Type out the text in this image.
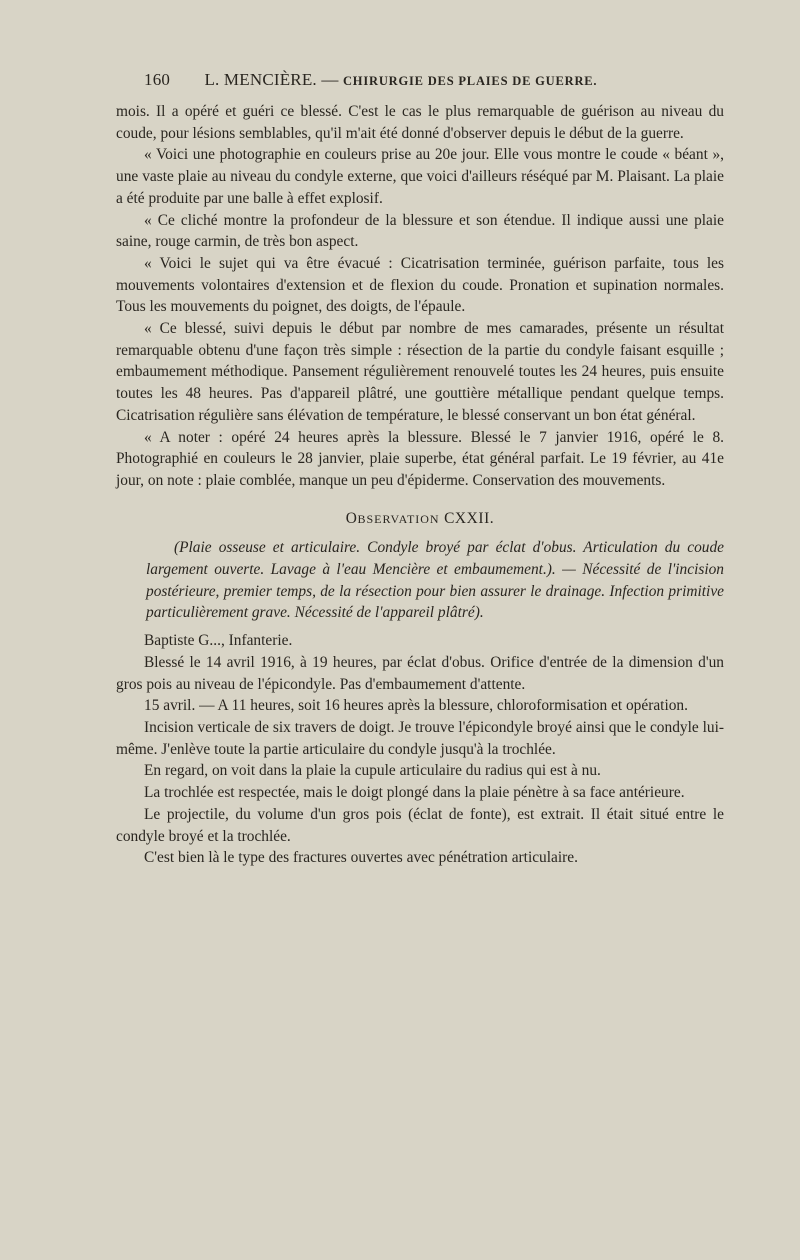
160 L. MENCIÈRE. — CHIRURGIE DES PLAIES DE GUERRE.

mois. Il a opéré et guéri ce blessé. C'est le cas le plus remarquable de guérison au niveau du coude, pour lésions semblables, qu'il m'ait été donné d'observer depuis le début de la guerre.

« Voici une photographie en couleurs prise au 20e jour. Elle vous montre le coude « béant », une vaste plaie au niveau du condyle externe, que voici d'ailleurs réséqué par M. Plaisant. La plaie a été produite par une balle à effet explosif.

« Ce cliché montre la profondeur de la blessure et son étendue. Il indique aussi une plaie saine, rouge carmin, de très bon aspect.

« Voici le sujet qui va être évacué : Cicatrisation terminée, guérison parfaite, tous les mouvements volontaires d'extension et de flexion du coude. Pronation et supination normales. Tous les mouvements du poignet, des doigts, de l'épaule.

« Ce blessé, suivi depuis le début par nombre de mes camarades, présente un résultat remarquable obtenu d'une façon très simple : résection de la partie du condyle faisant esquille ; embaumement méthodique. Pansement régulièrement renouvelé toutes les 24 heures, puis ensuite toutes les 48 heures. Pas d'appareil plâtré, une gouttière métallique pendant quelque temps. Cicatrisation régulière sans élévation de température, le blessé conservant un bon état général.

« A noter : opéré 24 heures après la blessure. Blessé le 7 janvier 1916, opéré le 8. Photographié en couleurs le 28 janvier, plaie superbe, état général parfait. Le 19 février, au 41e jour, on note : plaie comblée, manque un peu d'épiderme. Conservation des mouvements.

OBSERVATION CXXII.

(Plaie osseuse et articulaire. Condyle broyé par éclat d'obus. Articulation du coude largement ouverte. Lavage à l'eau Mencière et embaumement.). — Nécessité de l'incision postérieure, premier temps, de la résection pour bien assurer le drainage. Infection primitive particulièrement grave. Nécessité de l'appareil plâtré).

Baptiste G..., Infanterie.

Blessé le 14 avril 1916, à 19 heures, par éclat d'obus. Orifice d'entrée de la dimension d'un gros pois au niveau de l'épicondyle. Pas d'embaumement d'attente.

15 avril. — A 11 heures, soit 16 heures après la blessure, chloroformisation et opération.

Incision verticale de six travers de doigt. Je trouve l'épicondyle broyé ainsi que le condyle lui-même. J'enlève toute la partie articulaire du condyle jusqu'à la trochlée.

En regard, on voit dans la plaie la cupule articulaire du radius qui est à nu.

La trochlée est respectée, mais le doigt plongé dans la plaie pénètre à sa face antérieure.

Le projectile, du volume d'un gros pois (éclat de fonte), est extrait. Il était situé entre le condyle broyé et la trochlée.

C'est bien là le type des fractures ouvertes avec pénétration articulaire.
